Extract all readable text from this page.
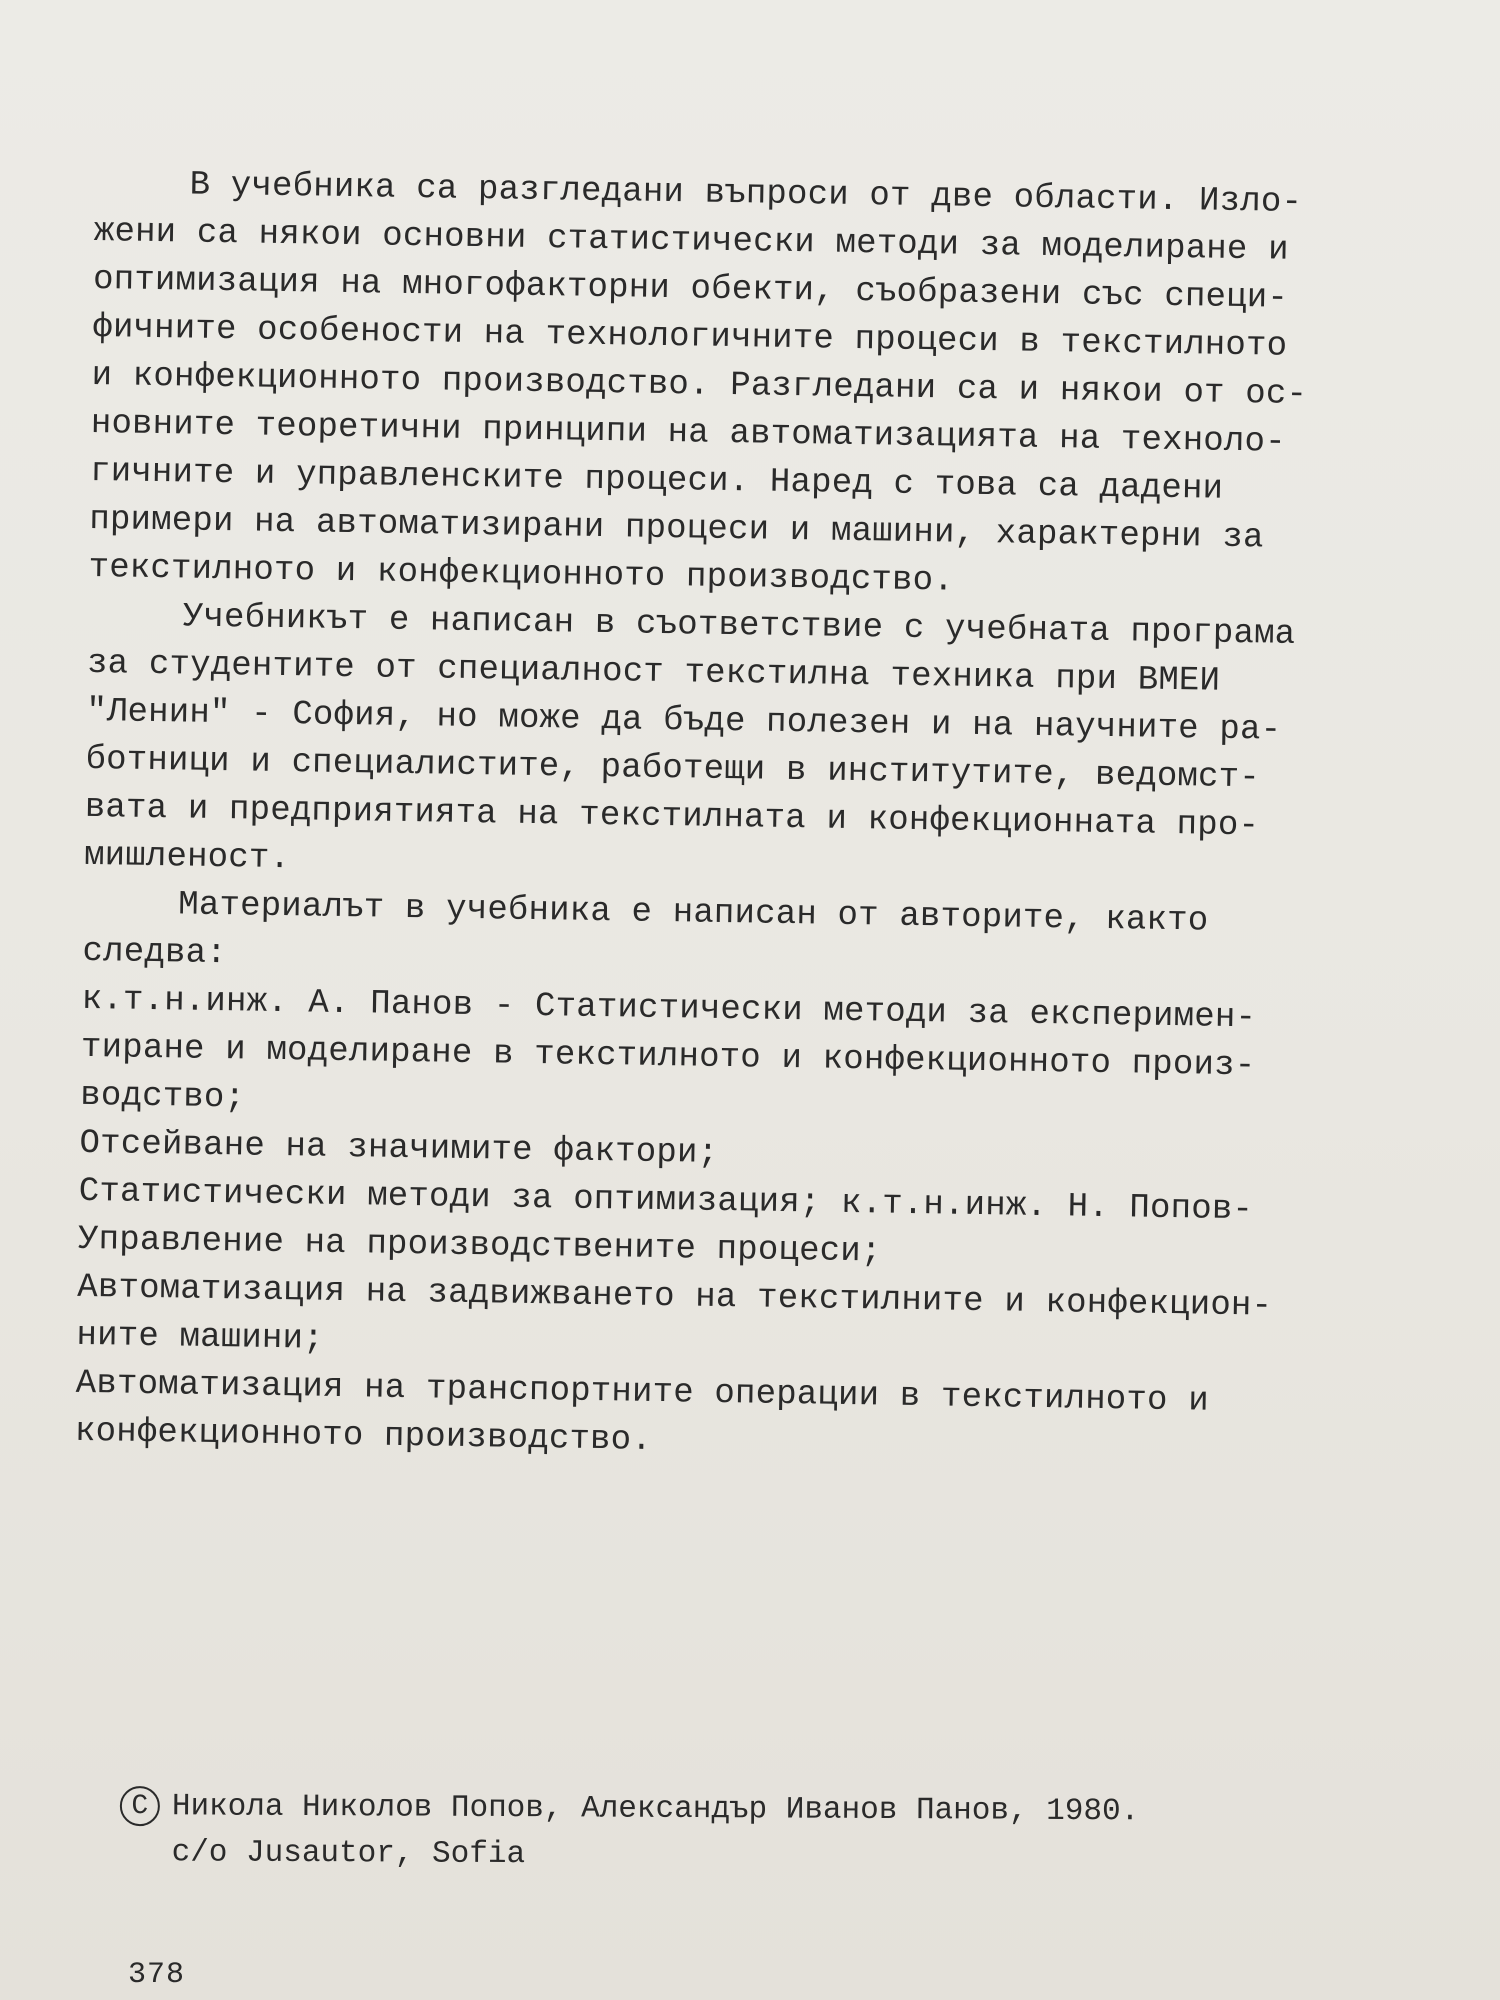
В учебника са разгледани въпроси от две области. Изло-
жени са някои основни статистически методи за моделиране и
оптимизация на многофакторни обекти, съобразени със специ-
фичните особености на технологичните процеси в текстилното
и конфекционното производство. Разгледани са и някои от ос-
новните теоретични принципи на автоматизацията на техноло-
гичните и управленските процеси. Наред с това са дадени
примери на автоматизирани процеси и машини, характерни за
текстилното и конфекционното производство.
Учебникът е написан в съответствие с учебната програма
за студентите от специалност текстилна техника при ВМЕИ
"Ленин" - София, но може да бъде полезен и на научните ра-
ботници и специалистите, работещи в институтите, ведомст-
вата и предприятията на текстилната и конфекционната про-
мишленост.
Материалът в учебника е написан от авторите, както
следва:
к.т.н.инж. А. Панов - Статистически методи за експеримен-
тиране и моделиране в текстилното и конфекционното произ-
водство;
Отсейване на значимите фактори;
Статистически методи за оптимизация; к.т.н.инж. Н. Попов-
Управление на производствените процеси;
Автоматизация на задвижването на текстилните и конфекцион-
ните машини;
Автоматизация на транспортните операции в текстилното и
конфекционното производство.
C Никола Николов Попов, Александър Иванов Панов, 1980.
c/o Jusautor, Sofia
378
